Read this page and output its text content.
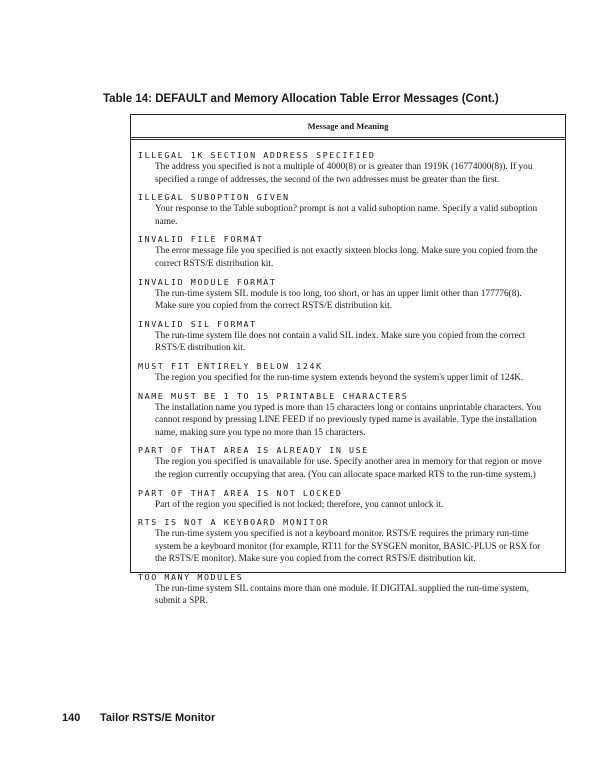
Table 14: DEFAULT and Memory Allocation Table Error Messages (Cont.)
Message and Meaning
ILLEGAL 1K SECTION ADDRESS SPECIFIED
The address you specified is not a multiple of 4000(8) or is greater than 1919K (16774000(8)). If you specified a range of addresses, the second of the two addresses must be greater than the first.
ILLEGAL SUBOPTION GIVEN
Your response to the Table suboption? prompt is not a valid suboption name. Specify a valid suboption name.
INVALID FILE FORMAT
The error message file you specified is not exactly sixteen blocks long. Make sure you copied from the correct RSTS/E distribution kit.
INVALID MODULE FORMAT
The run-time system SIL module is too long, too short, or has an upper limit other than 177776(8). Make sure you copied from the correct RSTS/E distribution kit.
INVALID SIL FORMAT
The run-time system file does not contain a valid SIL index. Make sure you copied from the correct RSTS/E distribution kit.
MUST FIT ENTIRELY BELOW 124K
The region you specified for the run-time system extends beyond the system's upper limit of 124K.
NAME MUST BE 1 TO 15 PRINTABLE CHARACTERS
The installation name you typed is more than 15 characters long or contains unprintable characters. You cannot respond by pressing LINE FEED if no previously typed name is available. Type the installation name, making sure you type no more than 15 characters.
PART OF THAT AREA IS ALREADY IN USE
The region you specified is unavailable for use. Specify another area in memory for that region or move the region currently occupying that area. (You can allocate space marked RTS to the run-time system.)
PART OF THAT AREA IS NOT LOCKED
Part of the region you specified is not locked; therefore, you cannot unlock it.
RTS IS NOT A KEYBOARD MONITOR
The run-time system you specified is not a keyboard monitor. RSTS/E requires the primary run-time system be a keyboard monitor (for example, RT11 for the SYSGEN monitor, BASIC-PLUS or RSX for the RSTS/E monitor). Make sure you copied from the correct RSTS/E distribution kit.
TOO MANY MODULES
The run-time system SIL contains more than one module. If DIGITAL supplied the run-time system, submit a SPR.
140 Tailor RSTS/E Monitor
